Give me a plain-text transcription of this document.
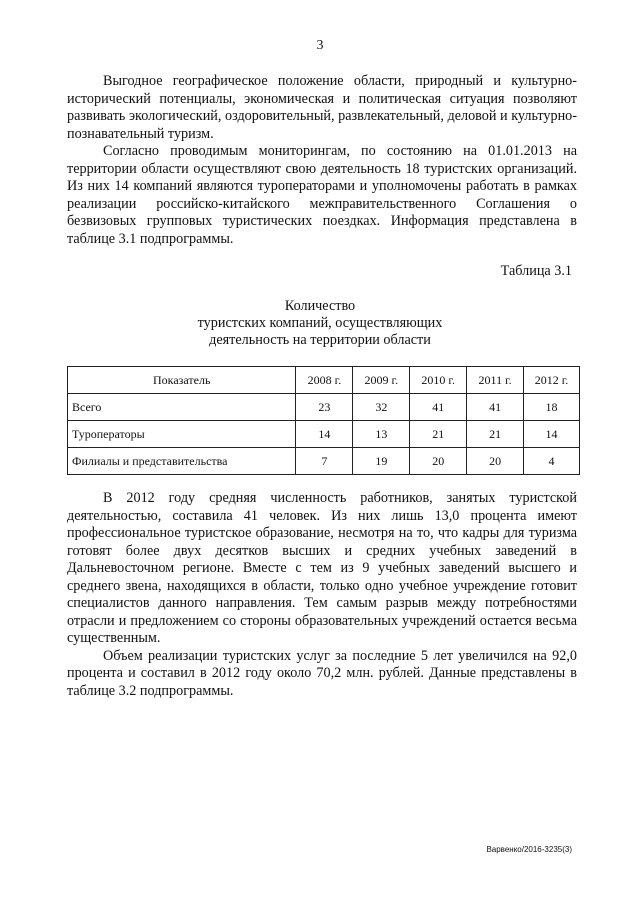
3

Выгодное географическое положение области, природный и культурно-исторический потенциалы, экономическая и политическая ситуация позволяют развивать экологический, оздоровительный, развлекательный, деловой и культурно-познавательный туризм.

Согласно проводимым мониторингам, по состоянию на 01.01.2013 на территории области осуществляют свою деятельность 18 туристских организаций. Из них 14 компаний являются туроператорами и уполномочены работать в рамках реализации российско-китайского межправительственного Соглашения о безвизовых групповых туристических поездках. Информация представлена в таблице 3.1 подпрограммы.

Таблица 3.1
Количество
туристских компаний, осуществляющих
деятельность на территории области
Показатель	2008 г.	2009 г.	2010 г.	2011 г.	2012 г.
Всего	23	32	41	41	18
Туроператоры	14	13	21	21	14
Филиалы и представительства	7	19	20	20	4

В 2012 году средняя численность работников, занятых туристской деятельностью, составила 41 человек. Из них лишь 13,0 процента имеют профессиональное туристское образование, несмотря на то, что кадры для туризма готовят более двух десятков высших и средних учебных заведений в Дальневосточном регионе. Вместе с тем из 9 учебных заведений высшего и среднего звена, находящихся в области, только одно учебное учреждение готовит специалистов данного направления. Тем самым разрыв между потребностями отрасли и предложением со стороны образовательных учреждений остается весьма существенным.

Объем реализации туристских услуг за последние 5 лет увеличился на 92,0 процента и составил в 2012 году около 70,2 млн. рублей. Данные представлены в таблице 3.2 подпрограммы.

Варвенко/2016-3235(3)
